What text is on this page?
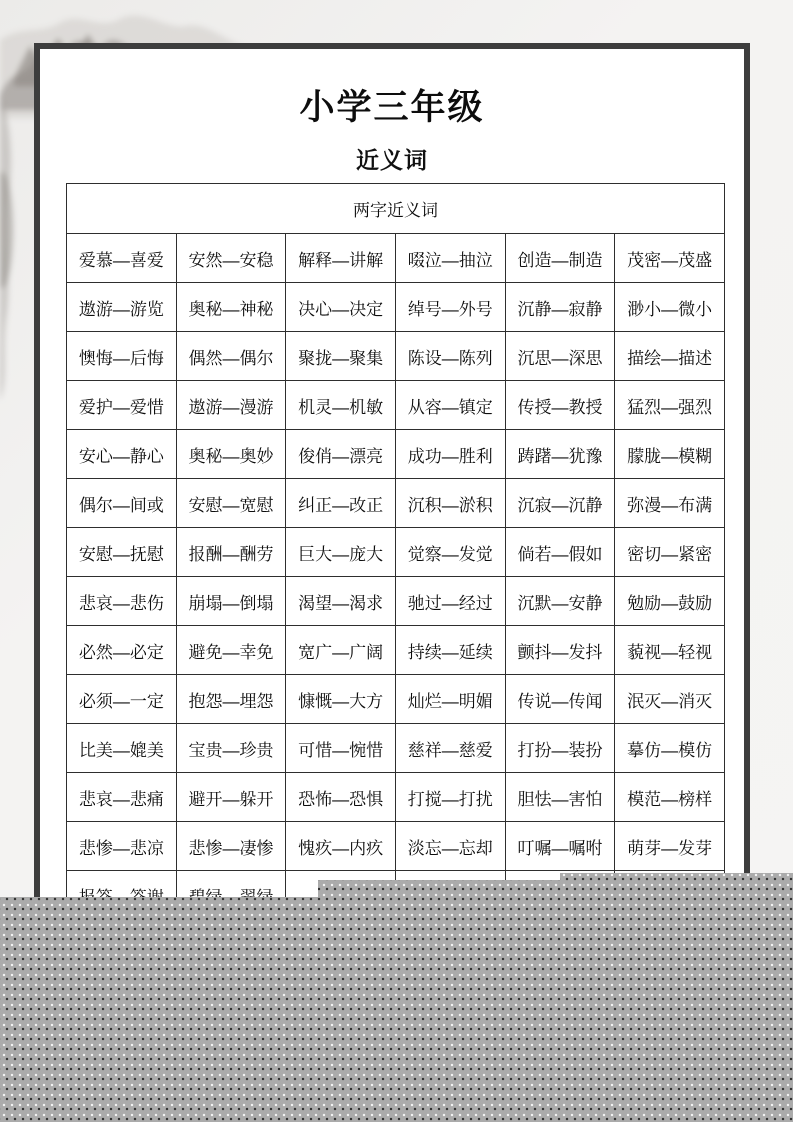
小学三年级
近义词
两字近义词					
爱慕—喜爱	安然—安稳	解释—讲解	啜泣—抽泣	创造—制造	茂密—茂盛
遨游—游览	奥秘—神秘	决心—决定	绰号—外号	沉静—寂静	渺小—微小
懊悔—后悔	偶然—偶尔	聚拢—聚集	陈设—陈列	沉思—深思	描绘—描述
爱护—爱惜	遨游—漫游	机灵—机敏	从容—镇定	传授—教授	猛烈—强烈
安心—静心	奥秘—奥妙	俊俏—漂亮	成功—胜利	踌躇—犹豫	朦胧—模糊
偶尔—间或	安慰—宽慰	纠正—改正	沉积—淤积	沉寂—沉静	弥漫—布满
安慰—抚慰	报酬—酬劳	巨大—庞大	觉察—发觉	倘若—假如	密切—紧密
悲哀—悲伤	崩塌—倒塌	渴望—渴求	驰过—经过	沉默—安静	勉励—鼓励
必然—必定	避免—幸免	宽广—广阔	持续—延续	颤抖—发抖	藐视—轻视
必须—一定	抱怨—埋怨	慷慨—大方	灿烂—明媚	传说—传闻	泯灭—消灭
比美—媲美	宝贵—珍贵	可惜—惋惜	慈祥—慈爱	打扮—装扮	摹仿—模仿
悲哀—悲痛	避开—躲开	恐怖—恐惧	打搅—打扰	胆怯—害怕	模范—榜样
悲惨—悲凉	悲惨—凄惨	愧疚—内疚	淡忘—忘却	叮嘱—嘱咐	萌芽—发芽
